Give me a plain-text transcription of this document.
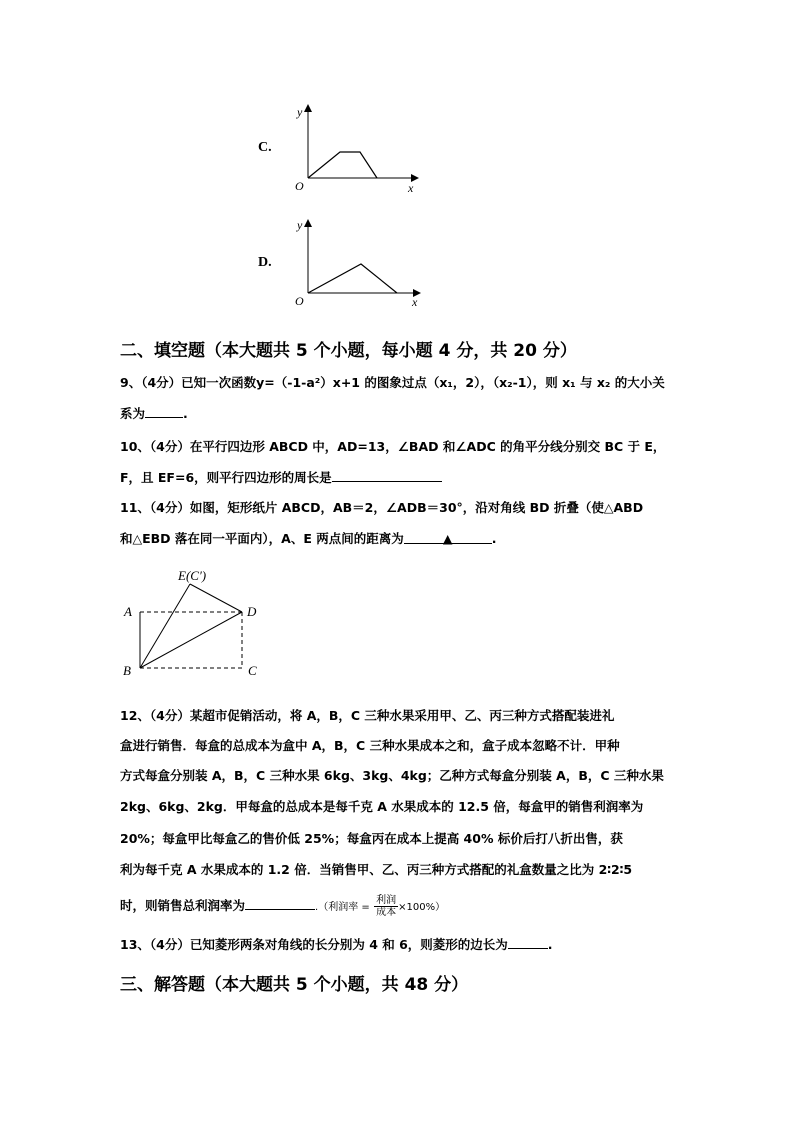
C.
y
x
O
D.
y
x
O
二、填空题（本大题共 5 个小题，每小题 4 分，共 20 分）
9、（4分）已知一次函数y=（-1-a²）x+1 的图象过点（x₁，2），（x₂-1），则 x₁ 与 x₂ 的大小关
系为	.
10、（4分）在平行四边形 ABCD 中，AD=13，∠BAD 和∠ADC 的角平分线分别交 BC 于 E，
F，且 EF=6，则平行四边形的周长是
11、（4分）如图，矩形纸片 ABCD，AB＝2，∠ADB＝30°，沿对角线 BD 折叠（使△ABD
和△EBD 落在同一平面内），A、E 两点间的距离为	▲	.
E(C′)
A	D
B	C
12、（4分）某超市促销活动，将 A，B，C 三种水果采用甲、乙、丙三种方式搭配装进礼
盒进行销售．每盒的总成本为盒中 A，B，C 三种水果成本之和，盒子成本忽略不计．甲种
方式每盒分别装 A，B，C 三种水果 6kg、3kg、4kg；乙种方式每盒分别装 A，B，C 三种水果
2kg、6kg、2kg．甲每盒的总成本是每千克 A 水果成本的 12.5 倍，每盒甲的销售利润率为
20%；每盒甲比每盒乙的售价低 25%；每盒丙在成本上提高 40% 标价后打八折出售，获
利为每千克 A 水果成本的 1.2 倍．当销售甲、乙、丙三种方式搭配的礼盒数量之比为 2∶2∶5
时，则销售总利润率为	.（利润率 = $\frac{\text{利润}}{\text{成本}} \times 100\%$）
13、（4分）已知菱形两条对角线的长分别为 4 和 6，则菱形的边长为	.
三、解答题（本大题共 5 个小题，共 48 分）
